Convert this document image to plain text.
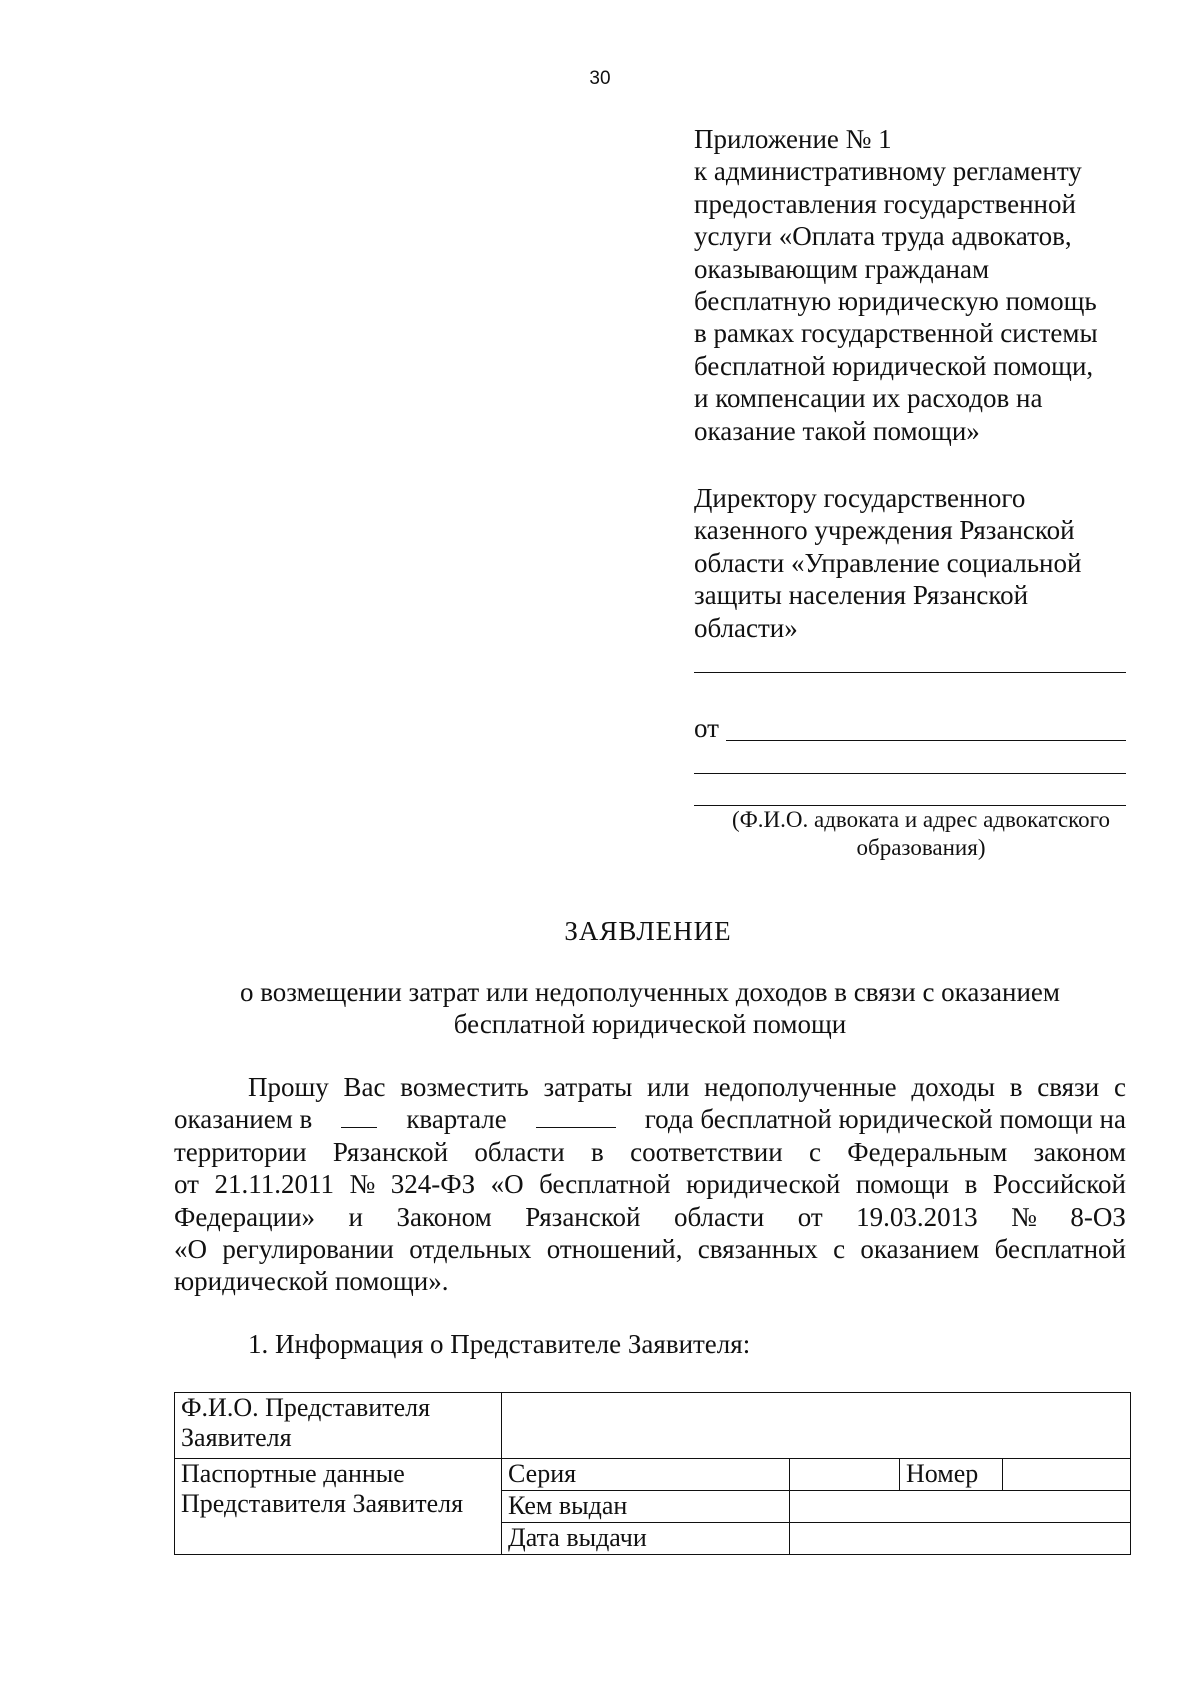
30
Приложение № 1
к административному регламенту
предоставления государственной
услуги «Оплата труда адвокатов,
оказывающим гражданам
бесплатную юридическую помощь
в рамках государственной системы
бесплатной юридической помощи,
и компенсации их расходов на
оказание такой помощи»
Директору государственного
казенного учреждения Рязанской
области «Управление социальной
защиты населения Рязанской
области»
от
(Ф.И.О. адвоката и адрес адвокатского
образования)
ЗАЯВЛЕНИЕ
о возмещении затрат или недополученных доходов в связи с оказанием
бесплатной юридической помощи
Прошу Вас возместить затраты или недополученные доходы в связи с
оказанием в	квартале	года бесплатной юридической помощи на
территории Рязанской области в соответствии с Федеральным законом
от 21.11.2011 № 324-ФЗ «О бесплатной юридической помощи в Российской
Федерации» и Законом Рязанской области от 19.03.2013 № 8-ОЗ
«О регулировании отдельных отношений, связанных с оказанием бесплатной
юридической помощи».
1. Информация о Представителе Заявителя:
Ф.И.О. Представителя Заявителя				
Паспортные данные Представителя Заявителя	Серия		Номер	
	Кем выдан			
	Дата выдачи			
